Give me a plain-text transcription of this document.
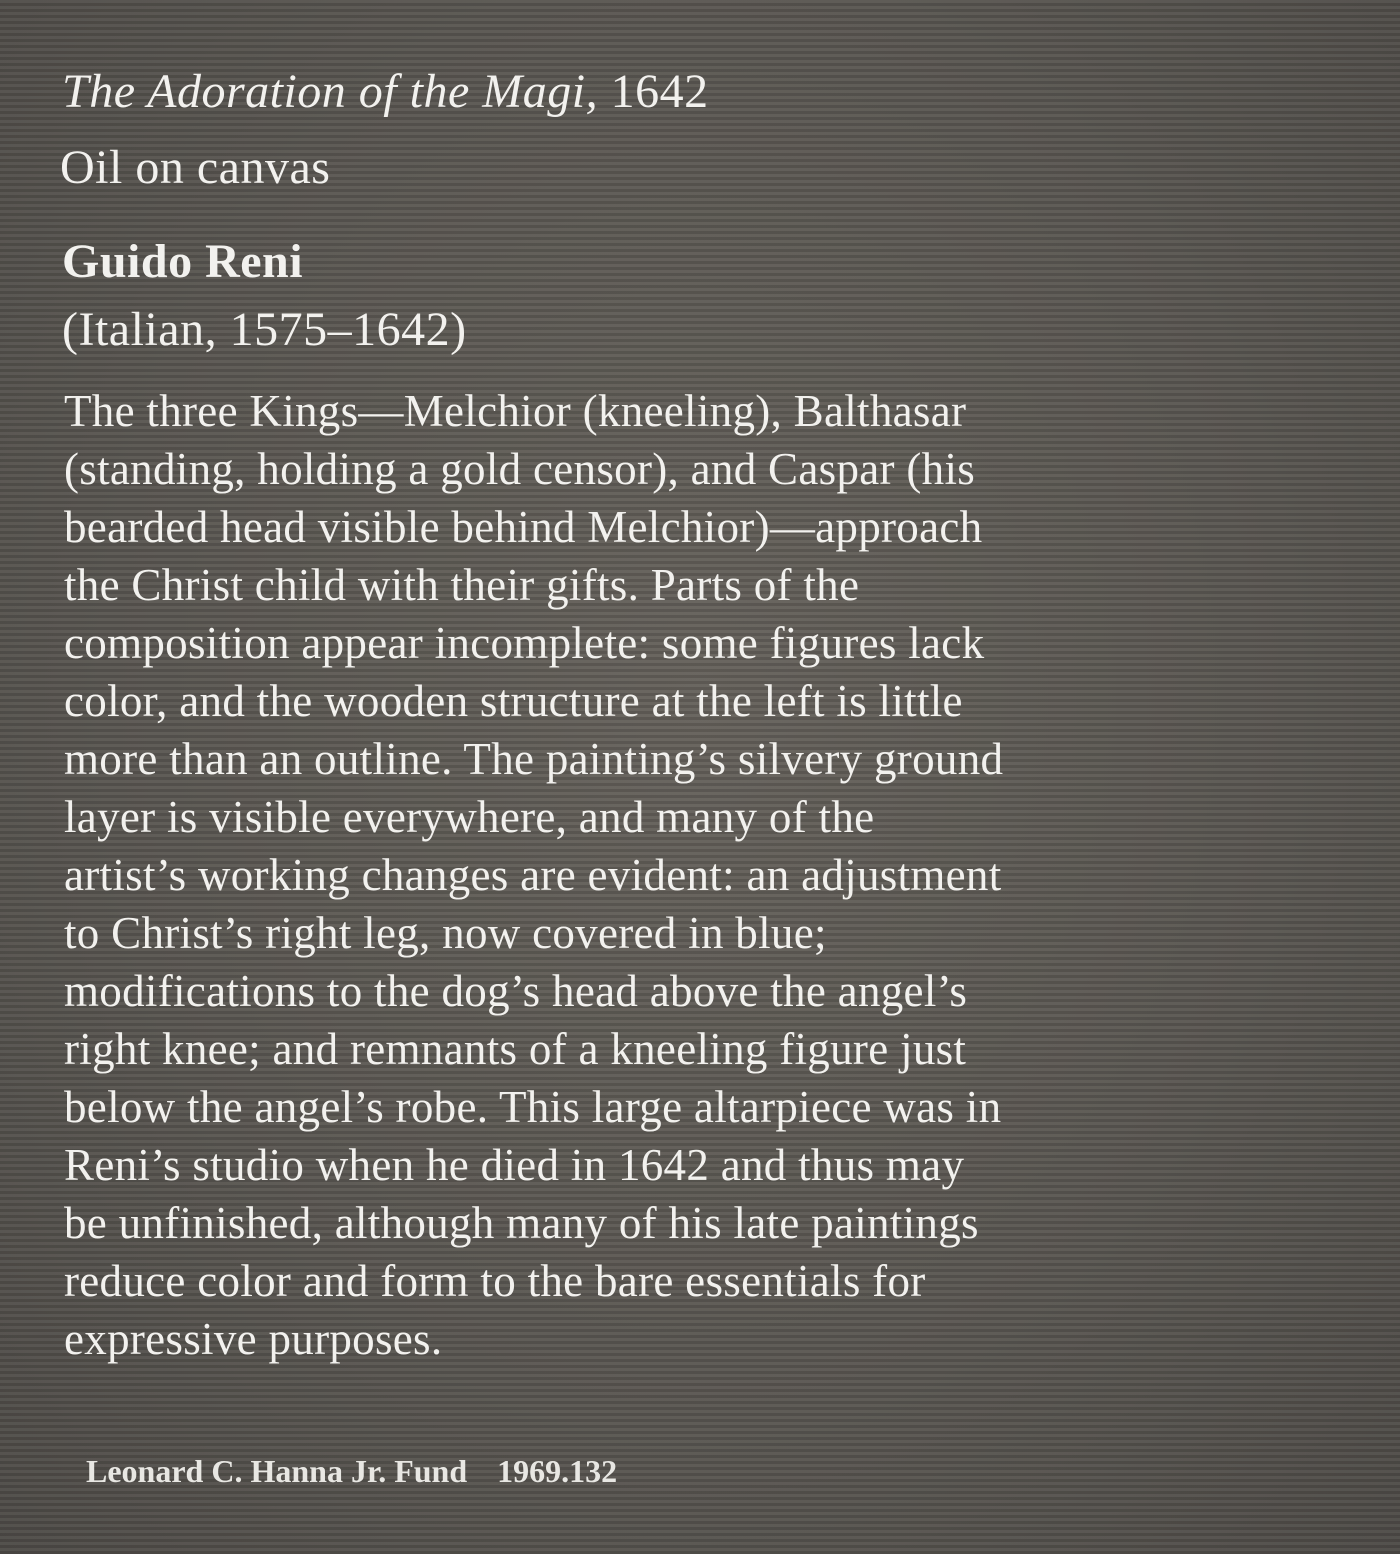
The Adoration of the Magi, 1642
Oil on canvas
Guido Reni
(Italian, 1575–1642)
The three Kings—Melchior (kneeling), Balthasar
(standing, holding a gold censor), and Caspar (his
bearded head visible behind Melchior)—approach
the Christ child with their gifts. Parts of the
composition appear incomplete: some figures lack
color, and the wooden structure at the left is little
more than an outline. The painting’s silvery ground
layer is visible everywhere, and many of the
artist’s working changes are evident: an adjustment
to Christ’s right leg, now covered in blue;
modifications to the dog’s head above the angel’s
right knee; and remnants of a kneeling figure just
below the angel’s robe. This large altarpiece was in
Reni’s studio when he died in 1642 and thus may
be unfinished, although many of his late paintings
reduce color and form to the bare essentials for
expressive purposes.
Leonard C. Hanna Jr. Fund 1969.132
